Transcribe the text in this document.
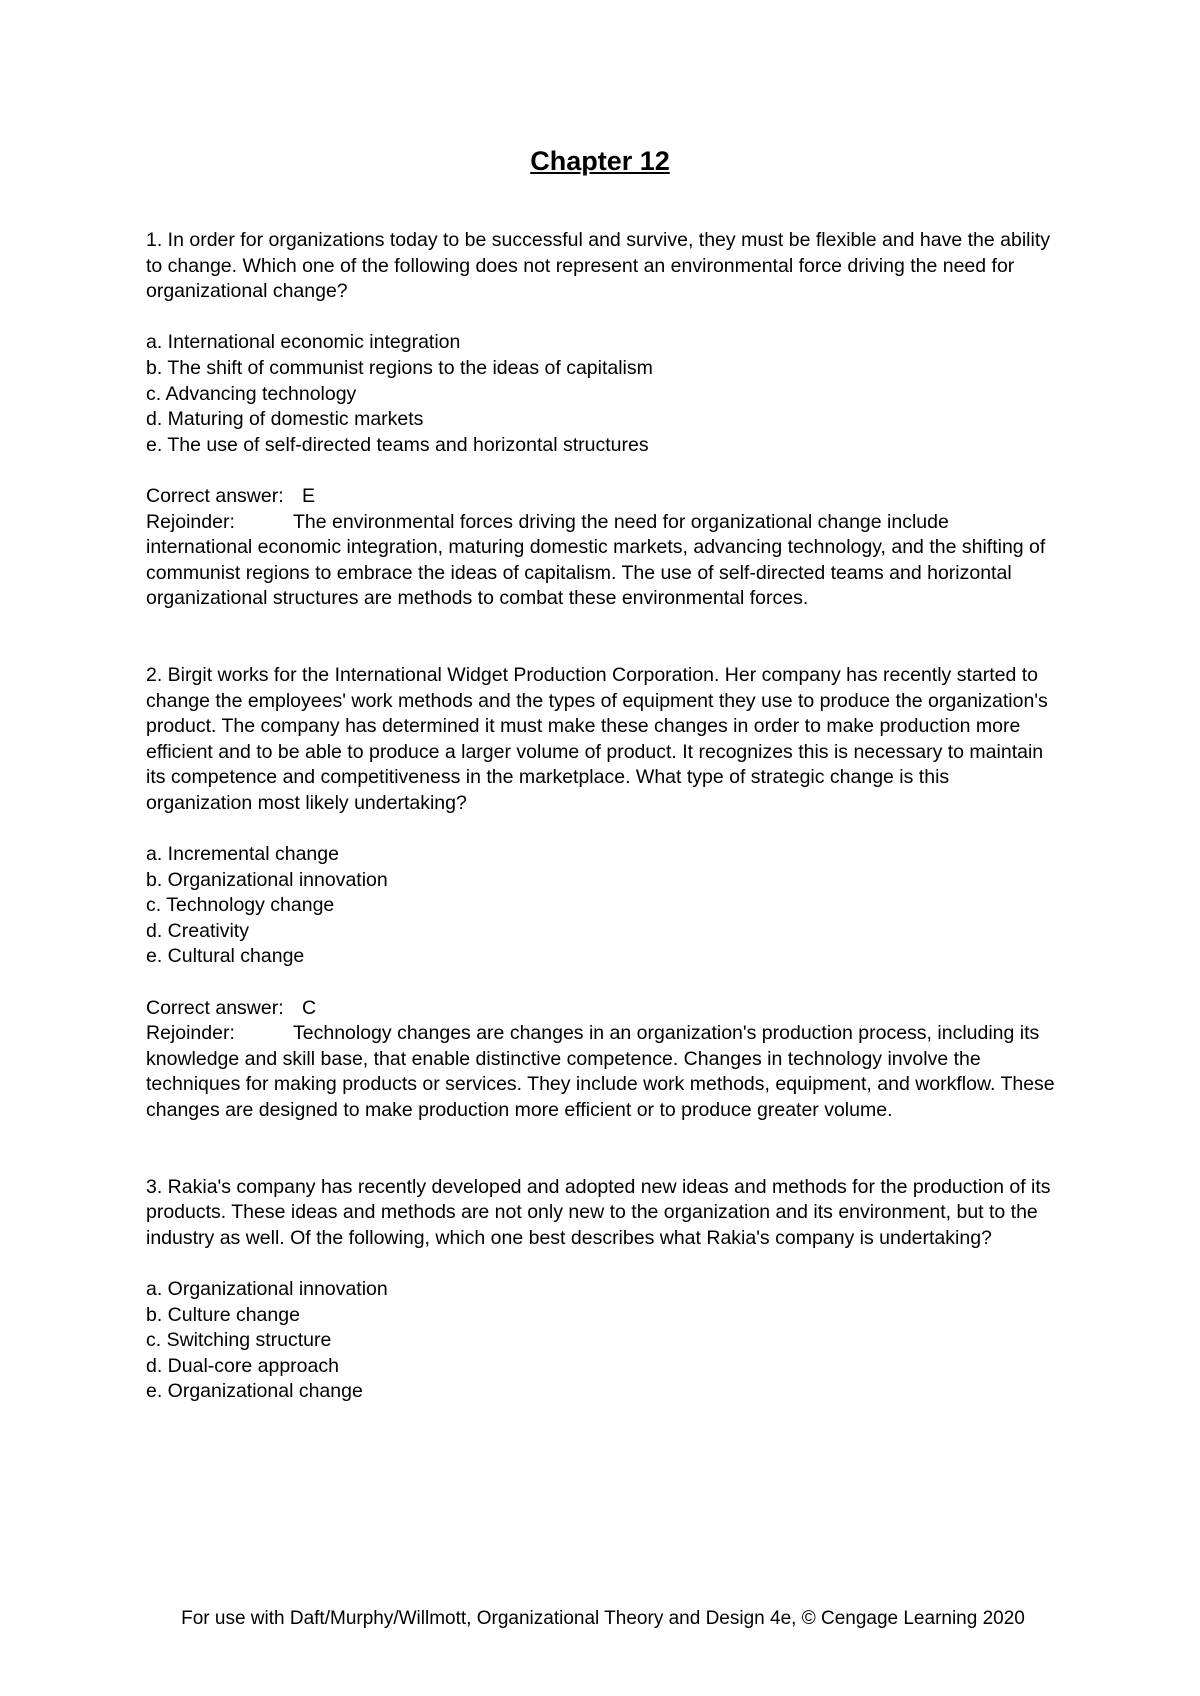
Chapter 12

1. In order for organizations today to be successful and survive, they must be flexible and have the ability to change. Which one of the following does not represent an environmental force driving the need for organizational change?

a. International economic integration
b. The shift of communist regions to the ideas of capitalism
c. Advancing technology
d. Maturing of domestic markets
e. The use of self-directed teams and horizontal structures
Correct answer: E
Rejoinder:	The environmental forces driving the need for organizational change include international economic integration, maturing domestic markets, advancing technology, and the shifting of communist regions to embrace the ideas of capitalism. The use of self-directed teams and horizontal organizational structures are methods to combat these environmental forces.

2. Birgit works for the International Widget Production Corporation. Her company has recently started to change the employees' work methods and the types of equipment they use to produce the organization's product. The company has determined it must make these changes in order to make production more efficient and to be able to produce a larger volume of product. It recognizes this is necessary to maintain its competence and competitiveness in the marketplace. What type of strategic change is this organization most likely undertaking?

a. Incremental change
b. Organizational innovation
c. Technology change
d. Creativity
e. Cultural change
Correct answer: C
Rejoinder:	Technology changes are changes in an organization's production process, including its knowledge and skill base, that enable distinctive competence. Changes in technology involve the techniques for making products or services. They include work methods, equipment, and workflow. These changes are designed to make production more efficient or to produce greater volume.

3. Rakia's company has recently developed and adopted new ideas and methods for the production of its products. These ideas and methods are not only new to the organization and its environment, but to the industry as well. Of the following, which one best describes what Rakia's company is undertaking?

a. Organizational innovation
b. Culture change
c. Switching structure
d. Dual-core approach
e. Organizational change
For use with Daft/Murphy/Willmott, Organizational Theory and Design 4e, © Cengage Learning 2020
